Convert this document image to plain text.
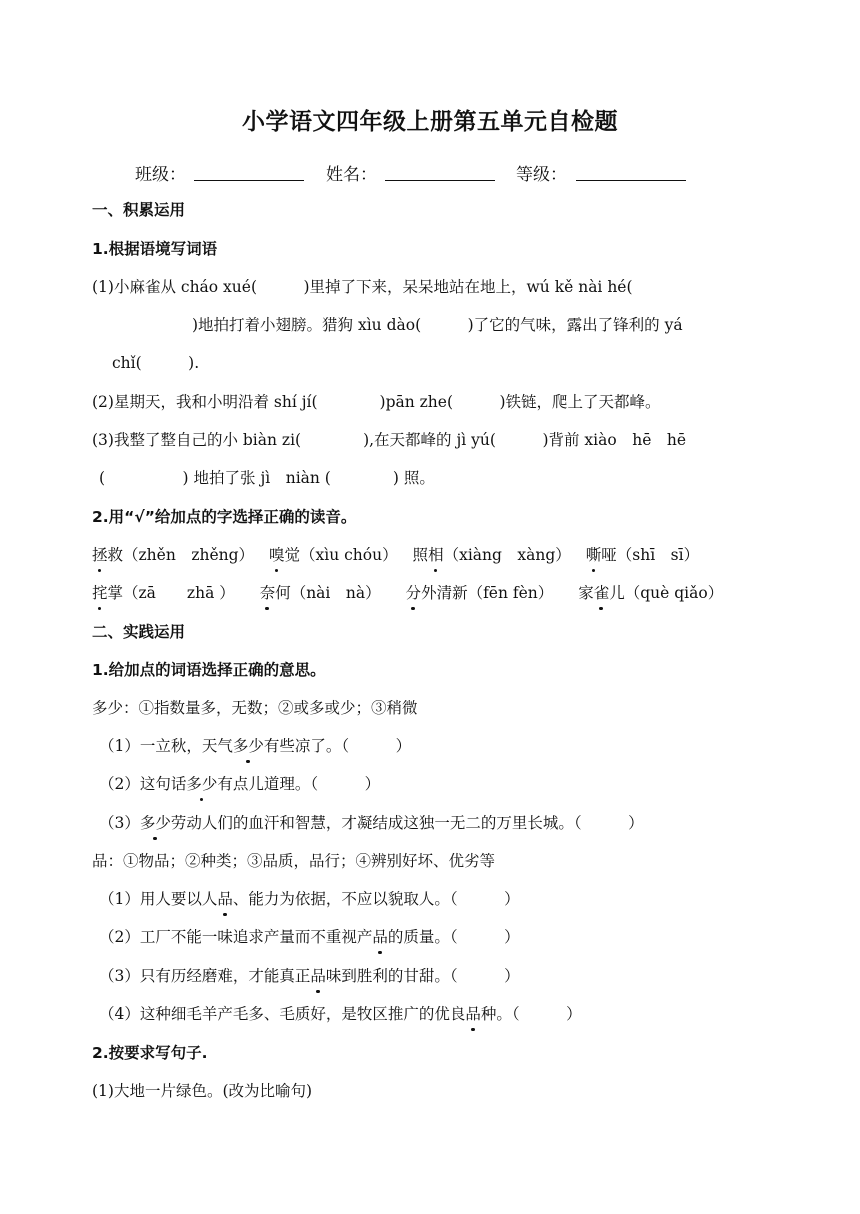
小学语文四年级上册第五单元自检题
班级：	姓名：	等级：
一、积累运用
1.根据语境写词语
(1)小麻雀从 cháo xué(　　　)里掉了下来，呆呆地站在地上，wú kě nài hé(
)地拍打着小翅膀。猎狗 xìu dào(　　　)了它的气味，露出了锋利的 yá
chǐ(　　　).
(2)星期天，我和小明沿着 shí jí(　　　　)pān zhe(　　　)铁链，爬上了天都峰。
(3)我整了整自己的小 biàn zi(　　　　),在天都峰的 jì yú(　　　)背前 xiào　hē　hē
(　　　　　) 地拍了张 jì　niàn (　　　　) 照。
2.用“√”给加点的字选择正确的读音。
拯救（zhěn　zhěng） 嗅觉（xìu chóu） 照相（xiàng　xàng） 嘶哑（shī　sī）
挓掌（zā　　zhā ） 奈何（nài　nà） 分外清新（fēn fèn） 家雀儿（què qiǎo）
二、实践运用
1.给加点的词语选择正确的意思。
多少：①指数量多，无数；②或多或少；③稍微
（1）一立秋，天气多少有些凉了。（　　　）
（2）这句话多少有点儿道理。（　　　）
（3）多少劳动人们的血汗和智慧，才凝结成这独一无二的万里长城。（　　　）
品：①物品；②种类；③品质，品行；④辨别好坏、优劣等
（1）用人要以人品、能力为依据，不应以貌取人。（　　　）
（2）工厂不能一味追求产量而不重视产品的质量。（　　　）
（3）只有历经磨难，才能真正品味到胜利的甘甜。（　　　）
（4）这种细毛羊产毛多、毛质好，是牧区推广的优良品种。（　　　）
2.按要求写句子.
(1)大地一片绿色。(改为比喻句)
